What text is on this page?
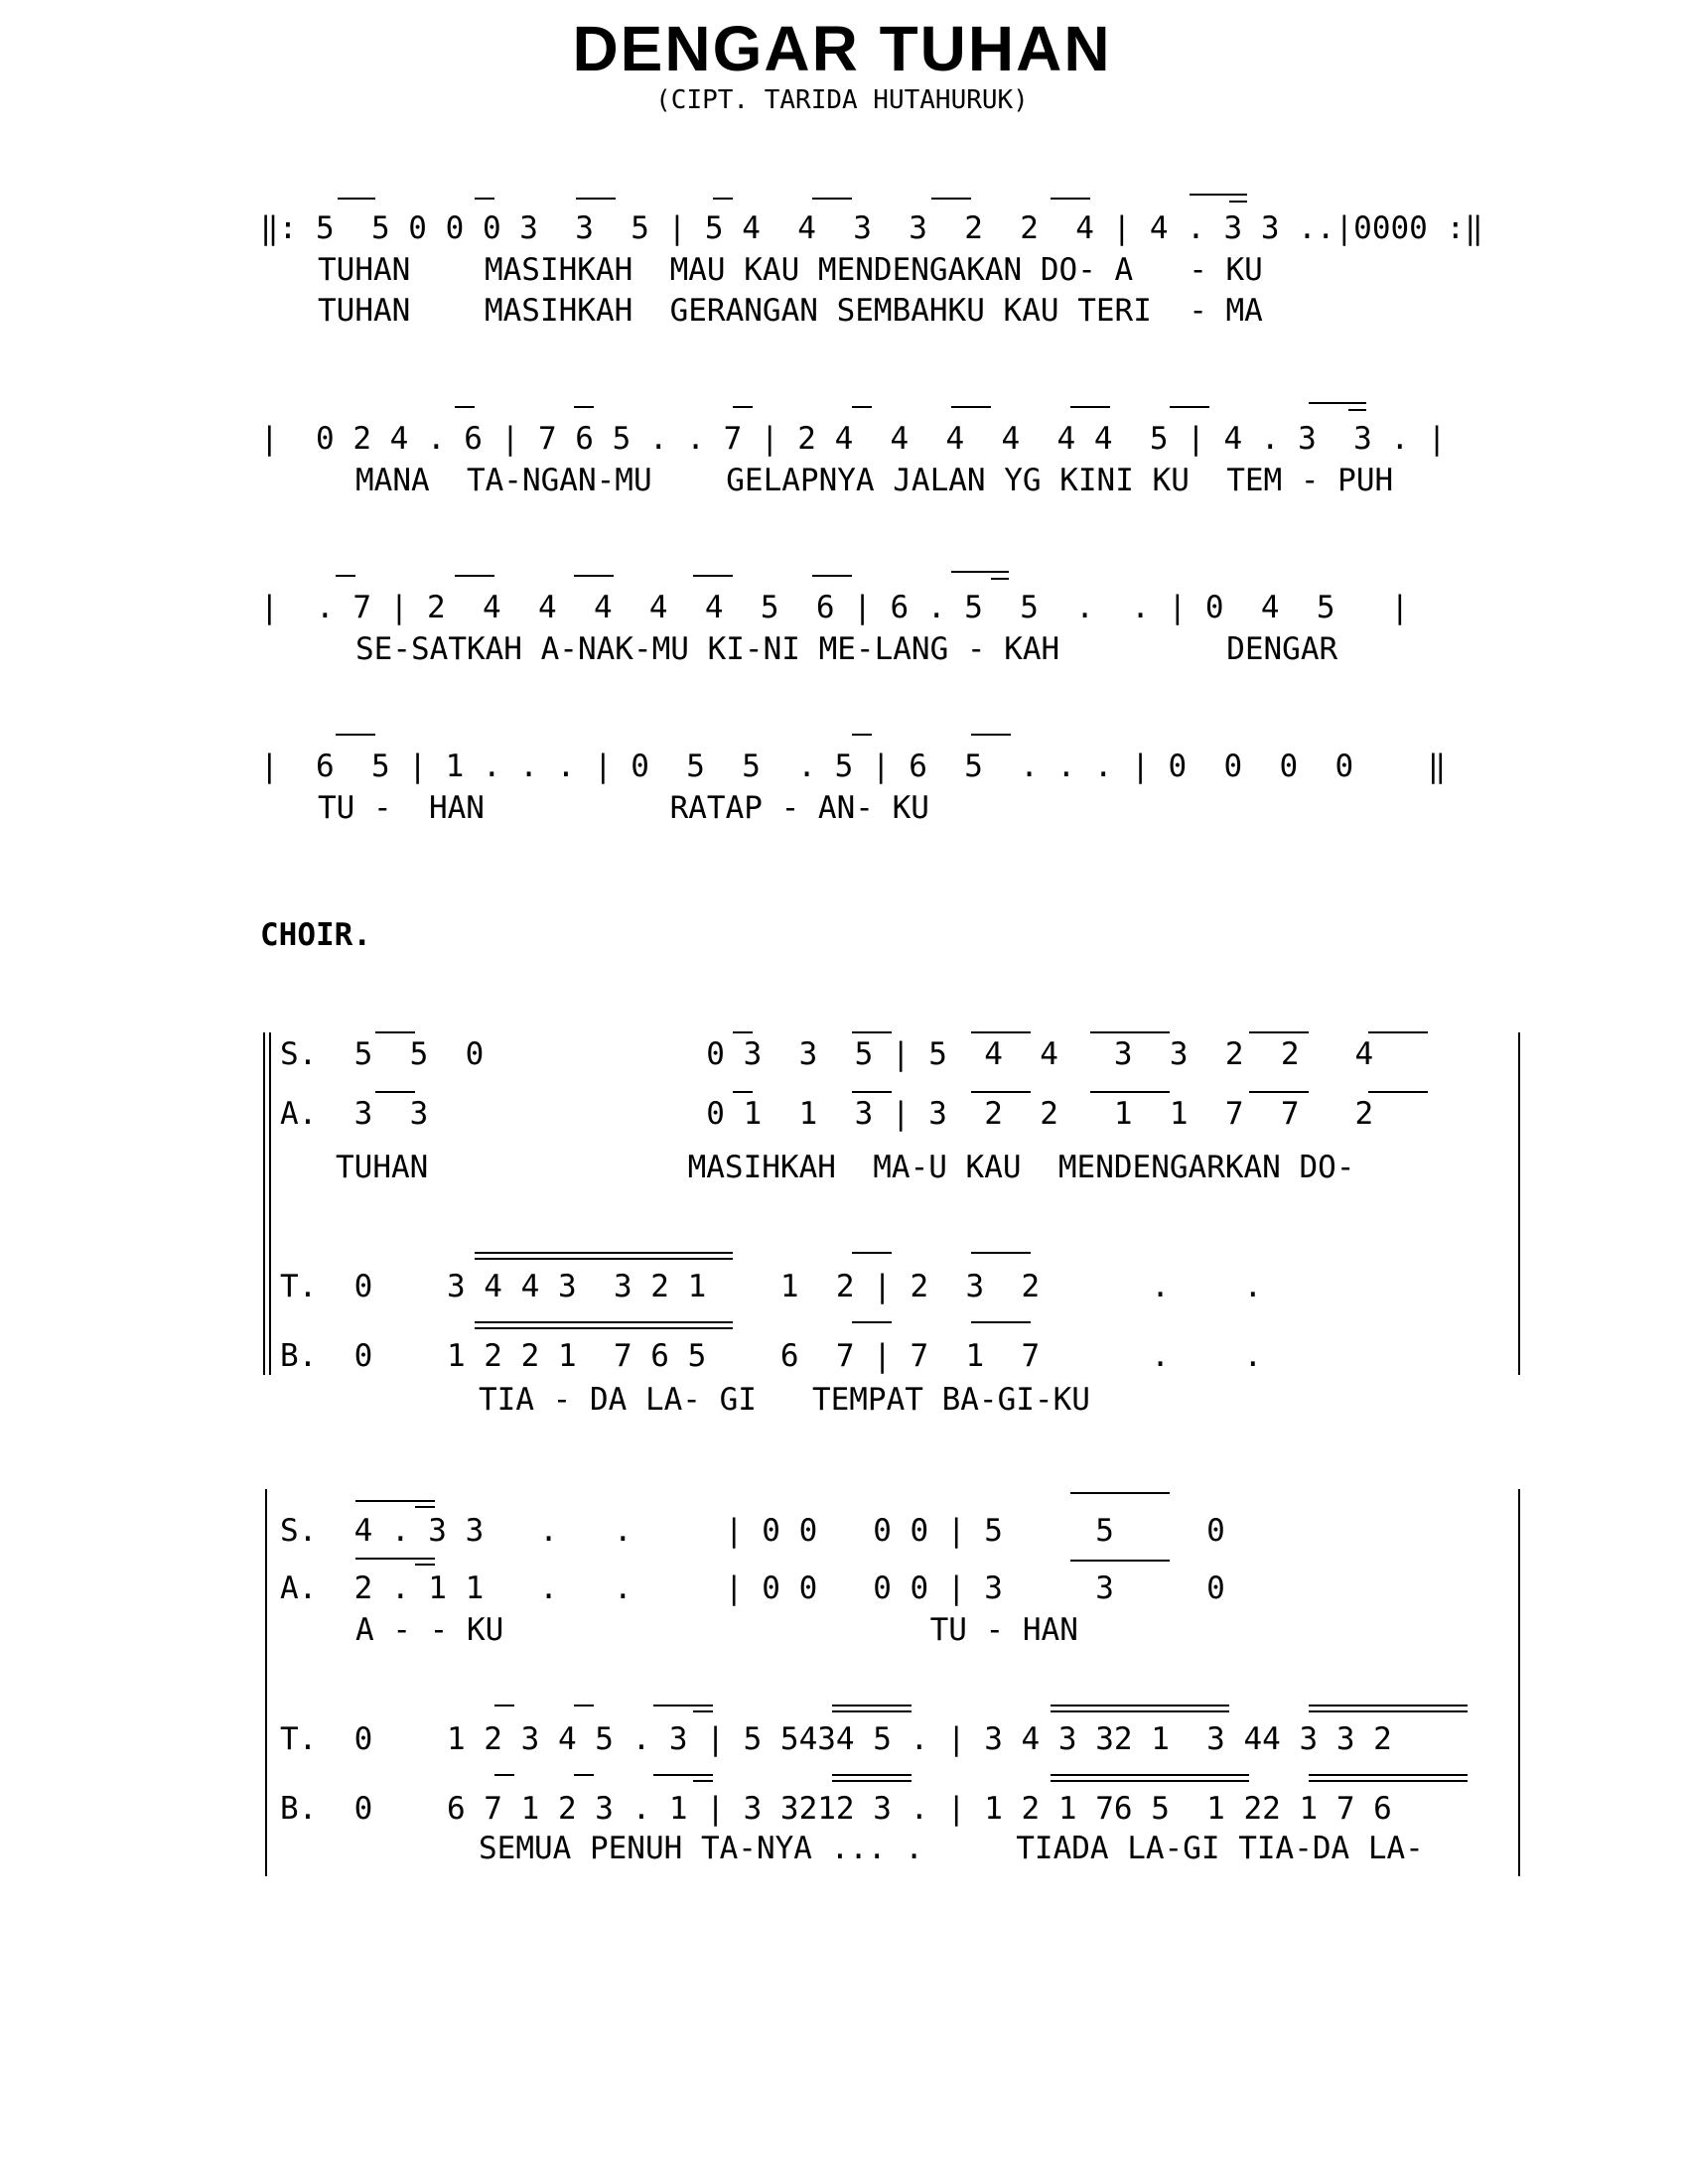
DENGAR TUHAN
(CIPT. TARIDA HUTAHURUK)
‖: 5  5 0 0 0 3  3  5 | 5 4  4  3  3  2  2  4 | 4 . 3 3 ..|0000 :‖
TUHAN    MASIHKAH  MAU KAU MENDENGAKAN DO- A   - KU
TUHAN    MASIHKAH  GERANGAN SEMBAHKU KAU TERI  - MA
|  0 2 4 . 6 | 7 6 5 . . 7 | 2 4  4  4  4  4 4  5 | 4 . 3  3 . |
MANA  TA-NGAN-MU    GELAPNYA JALAN YG KINI KU  TEM - PUH
|  . 7 | 2  4  4  4  4  4  5  6 | 6 . 5  5  .  . | 0  4  5   |
SE-SATKAH A-NAK-MU KI-NI ME-LANG - KAH         DENGAR
|  6  5 | 1 . . . | 0  5  5  . 5 | 6  5  . . . | 0  0  0  0    ‖
TU -  HAN          RATAP - AN- KU
CHOIR.
S.  5  5  0            0 3  3  5 | 5  4  4   3  3  2  2   4
A.  3  3               0 1  1  3 | 3  2  2   1  1  7  7   2
TUHAN              MASIHKAH  MA-U KAU  MENDENGARKAN DO-
T.  0    3 4 4 3  3 2 1    1  2 | 2  3  2      .    .
B.  0    1 2 2 1  7 6 5    6  7 | 7  1  7      .    .
TIA - DA LA- GI   TEMPAT BA-GI-KU
S.  4 . 3 3   .   .     | 0 0   0 0 | 5     5     0
A.  2 . 1 1   .   .     | 0 0   0 0 | 3     3     0
A - - KU                       TU - HAN
T.  0    1 2 3 4 5 . 3 | 5 5434 5 . | 3 4 3 32 1  3 44 3 3 2
B.  0    6 7 1 2 3 . 1 | 3 3212 3 . | 1 2 1 76 5  1 22 1 7 6
SEMUA PENUH TA-NYA ... .     TIADA LA-GI TIA-DA LA-
